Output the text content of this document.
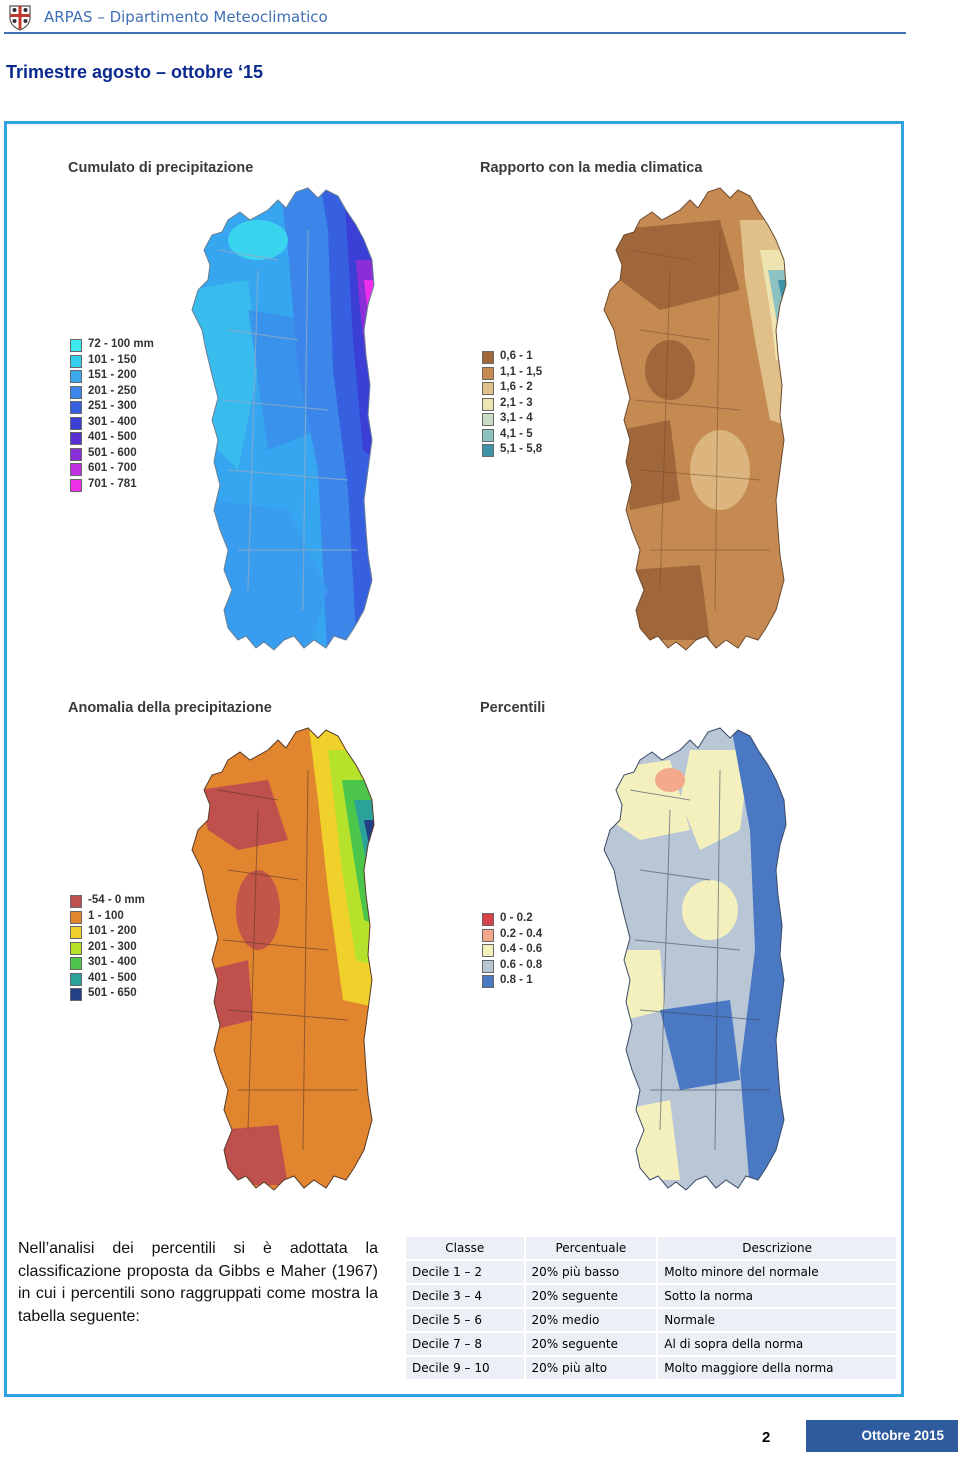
ARPAS – Dipartimento Meteoclimatico
Trimestre agosto – ottobre ‘15
Cumulato di precipitazione
72 - 100 mm
101 - 150
151 - 200
201 - 250
251 - 300
301 - 400
401 - 500
501 - 600
601 - 700
701 - 781
Rapporto con la media climatica
0,6 - 1
1,1 - 1,5
1,6 - 2
2,1 - 3
3,1 - 4
4,1 - 5
5,1 - 5,8
Anomalia della precipitazione
-54 - 0 mm
1 - 100
101 - 200
201 - 300
301 - 400
401 - 500
501 - 650
Percentili
0 - 0.2
0.2 - 0.4
0.4 - 0.6
0.6 - 0.8
0.8 - 1
Nell’analisi dei percentili si è adottata la classificazione proposta da Gibbs e Maher (1967) in cui i percentili sono raggruppati come mostra la tabella seguente:
Classe	Percentuale	Descrizione
Decile 1 – 2	20% più basso	Molto minore del normale
Decile 3 – 4	20% seguente	Sotto la norma
Decile 5 – 6	20% medio	Normale
Decile 7 – 8	20% seguente	Al di sopra della norma
Decile 9 – 10	20% più alto	Molto maggiore della norma
2	Ottobre 2015
